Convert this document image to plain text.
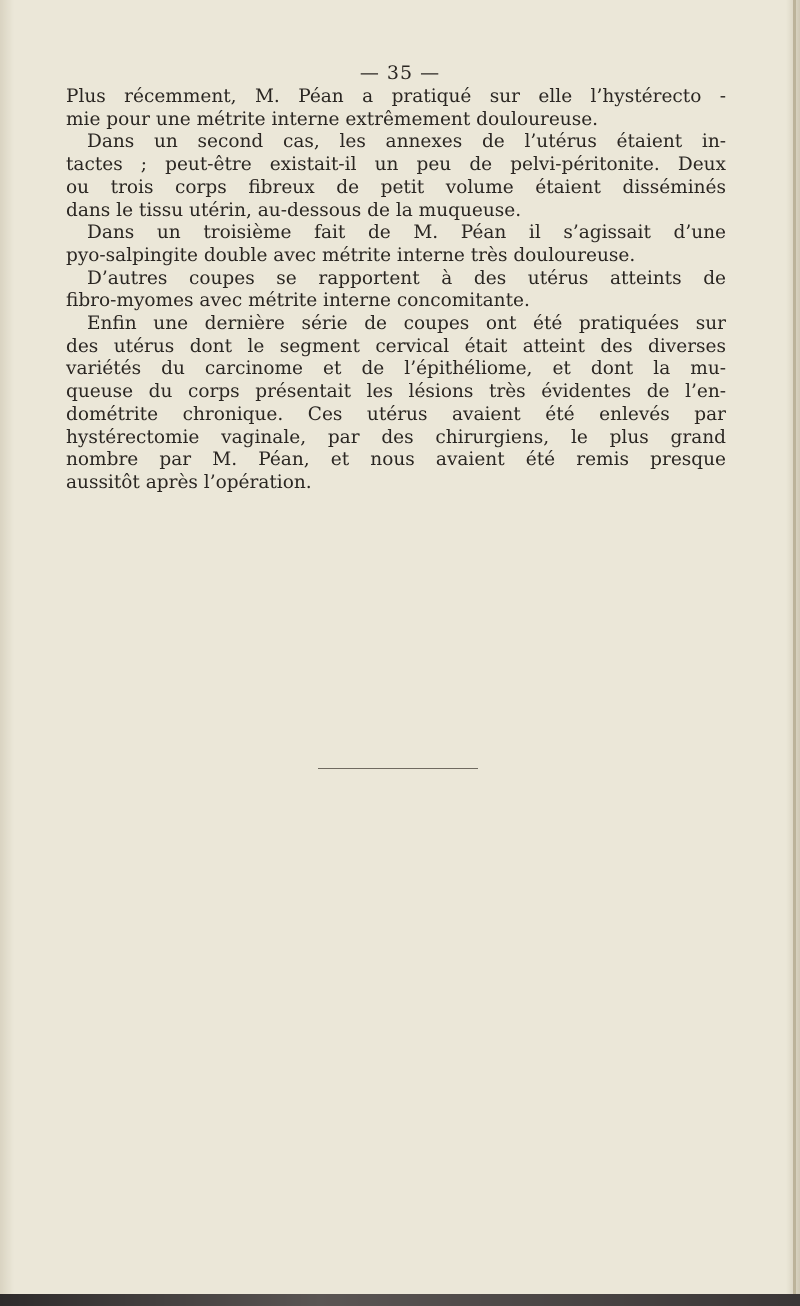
— 35 —
Plus récemment, M. Péan a pratiqué sur elle l’hystérecto -
mie pour une métrite interne extrêmement douloureuse.
Dans un second cas, les annexes de l’utérus étaient in-
tactes ; peut-être existait-il un peu de pelvi-péritonite. Deux
ou trois corps fibreux de petit volume étaient disséminés
dans le tissu utérin, au-dessous de la muqueuse.
Dans un troisième fait de M. Péan il s’agissait d’une
pyo-salpingite double avec métrite interne très douloureuse.
D’autres coupes se rapportent à des utérus atteints de
fibro-myomes avec métrite interne concomitante.
Enfin une dernière série de coupes ont été pratiquées sur
des utérus dont le segment cervical était atteint des diverses
variétés du carcinome et de l’épithéliome, et dont la mu-
queuse du corps présentait les lésions très évidentes de l’en-
dométrite chronique. Ces utérus avaient été enlevés par
hystérectomie vaginale, par des chirurgiens, le plus grand
nombre par M. Péan, et nous avaient été remis presque
aussitôt après l’opération.
